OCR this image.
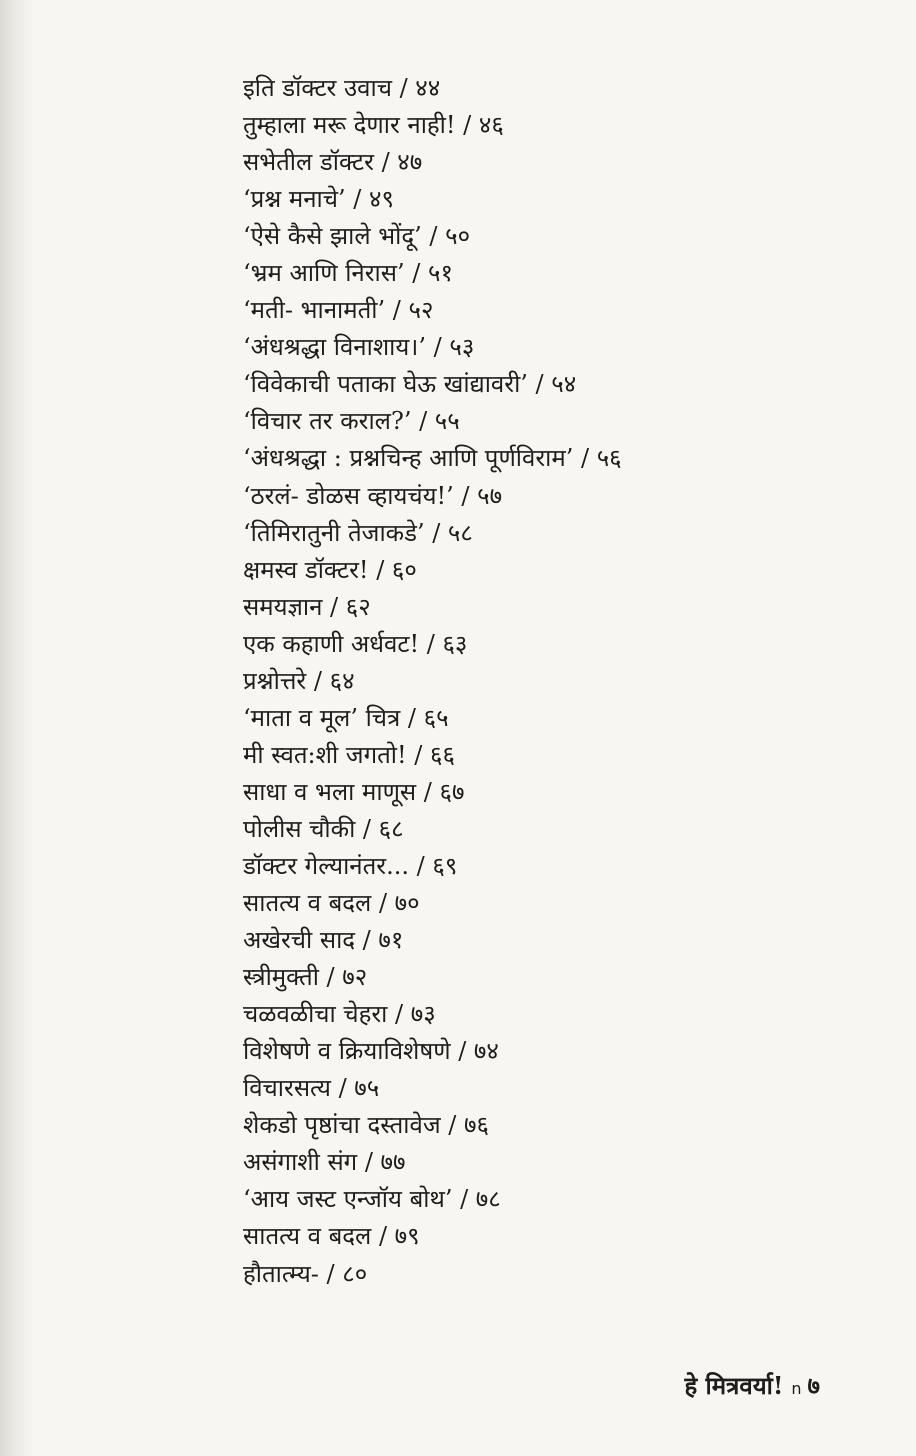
इति डॉक्टर उवाच / ४४
तुम्हाला मरू देणार नाही! / ४६
सभेतील डॉक्टर / ४७
‘प्रश्न मनाचे’ / ४९
‘ऐसे कैसे झाले भोंदू’ / ५०
‘भ्रम आणि निरास’ / ५१
‘मती- भानामती’ / ५२
‘अंधश्रद्धा विनाशाय।’ / ५३
‘विवेकाची पताका घेऊ खांद्यावरी’ / ५४
‘विचार तर कराल?’ / ५५
‘अंधश्रद्धा : प्रश्नचिन्ह आणि पूर्णविराम’ / ५६
‘ठरलं- डोळस व्हायचंय!’ / ५७
‘तिमिरातुनी तेजाकडे’ / ५८
क्षमस्व डॉक्टर! / ६०
समयज्ञान / ६२
एक कहाणी अर्धवट! / ६३
प्रश्नोत्तरे / ६४
‘माता व मूल’ चित्र / ६५
मी स्वत:शी जगतो! / ६६
साधा व भला माणूस / ६७
पोलीस चौकी / ६८
डॉक्टर गेल्यानंतर... / ६९
सातत्य व बदल / ७०
अखेरची साद / ७१
स्त्रीमुक्ती / ७२
चळवळीचा चेहरा / ७३
विशेषणे व क्रियाविशेषणे / ७४
विचारसत्य / ७५
शेकडो पृष्ठांचा दस्तावेज / ७६
असंगाशी संग / ७७
‘आय जस्ट एन्जॉय बोथ’ / ७८
सातत्य व बदल / ७९
हौतात्म्य- / ८०
हे मित्रवर्या! n ७
